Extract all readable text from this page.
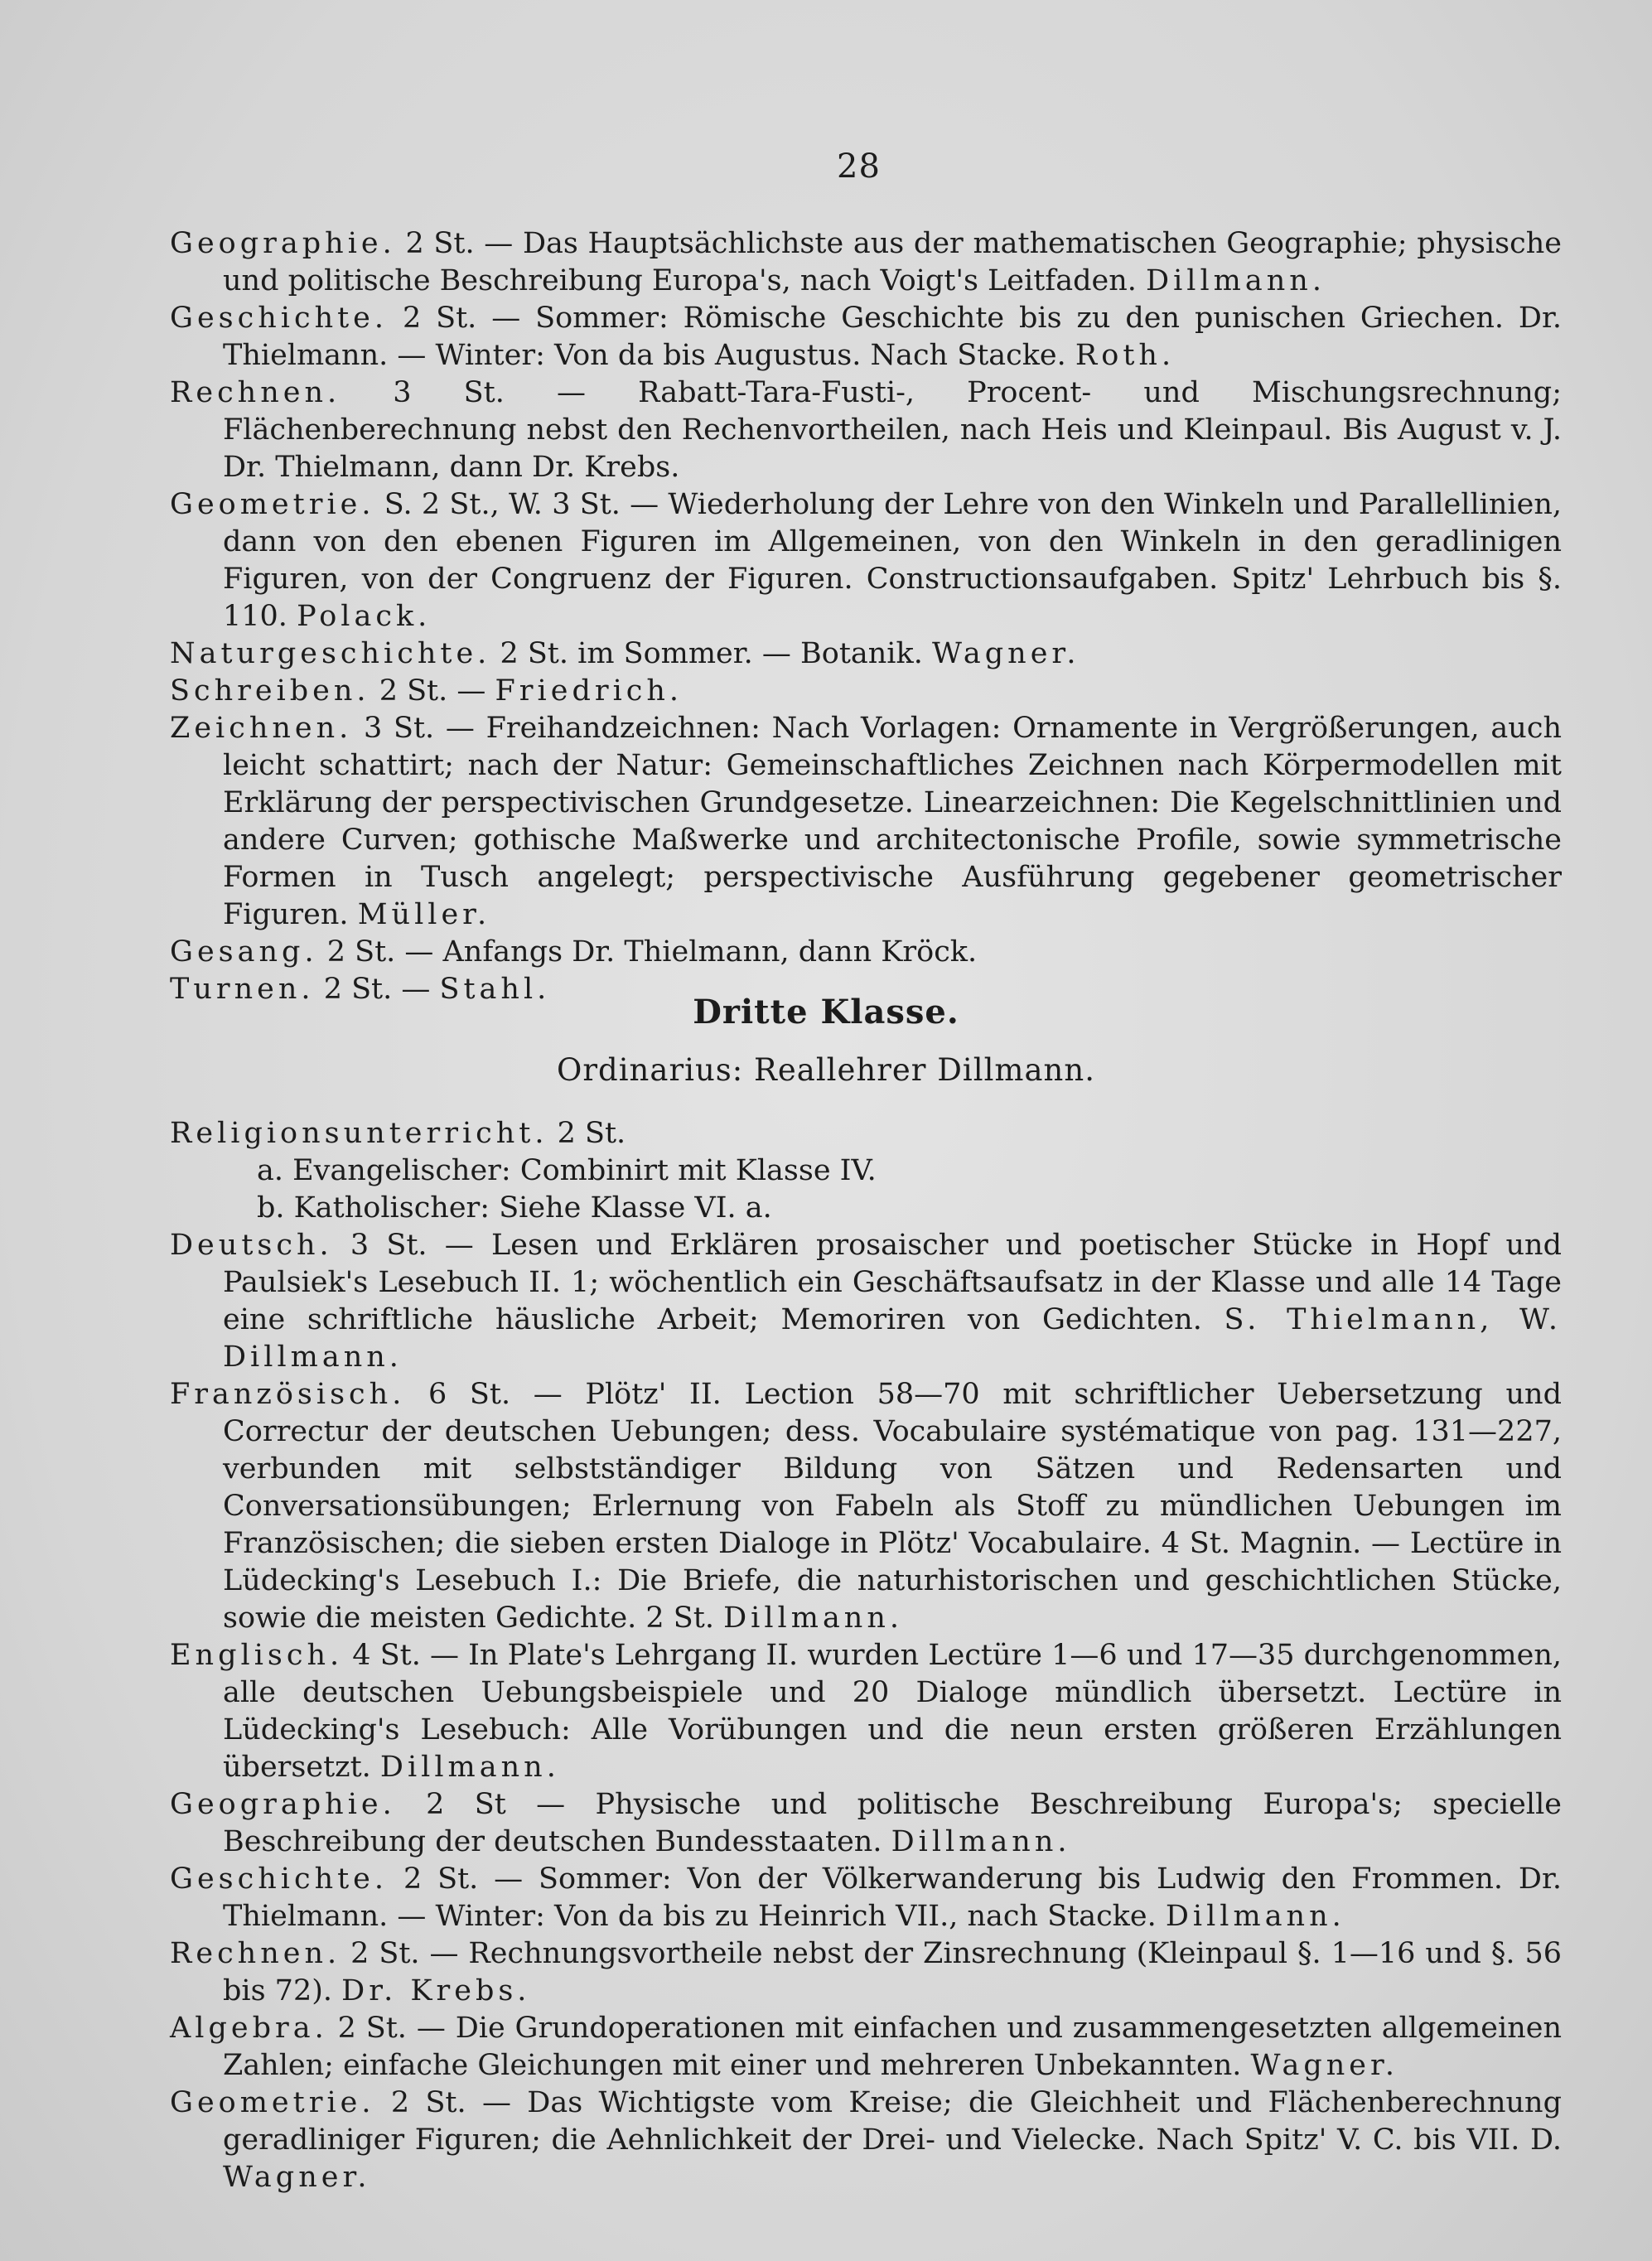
28

Geographie. 2 St. — Das Hauptsächlichste aus der mathematischen Geographie; physische und politische Beschreibung Europa's, nach Voigt's Leitfaden. Dillmann.

Geschichte. 2 St. — Sommer: Römische Geschichte bis zu den punischen Griechen. Dr. Thielmann. — Winter: Von da bis Augustus. Nach Stacke. Roth.

Rechnen. 3 St. — Rabatt-Tara-Fusti-, Procent- und Mischungsrechnung; Flächenberechnung nebst den Rechenvortheilen, nach Heis und Kleinpaul. Bis August v. J. Dr. Thielmann, dann Dr. Krebs.

Geometrie. S. 2 St., W. 3 St. — Wiederholung der Lehre von den Winkeln und Parallellinien, dann von den ebenen Figuren im Allgemeinen, von den Winkeln in den geradlinigen Figuren, von der Congruenz der Figuren. Constructionsaufgaben. Spitz' Lehrbuch bis §. 110. Polack.

Naturgeschichte. 2 St. im Sommer. — Botanik. Wagner.

Schreiben. 2 St. — Friedrich.

Zeichnen. 3 St. — Freihandzeichnen: Nach Vorlagen: Ornamente in Vergrößerungen, auch leicht schattirt; nach der Natur: Gemeinschaftliches Zeichnen nach Körpermodellen mit Erklärung der perspectivischen Grundgesetze. Linearzeichnen: Die Kegelschnittlinien und andere Curven; gothische Maßwerke und architectonische Profile, sowie symmetrische Formen in Tusch angelegt; perspectivische Ausführung gegebener geometrischer Figuren. Müller.

Gesang. 2 St. — Anfangs Dr. Thielmann, dann Kröck.

Turnen. 2 St. — Stahl.

Dritte Klasse.
Ordinarius: Reallehrer Dillmann.

Religionsunterricht. 2 St.

a. Evangelischer: Combinirt mit Klasse IV.

b. Katholischer: Siehe Klasse VI. a.

Deutsch. 3 St. — Lesen und Erklären prosaischer und poetischer Stücke in Hopf und Paulsiek's Lesebuch II. 1; wöchentlich ein Geschäftsaufsatz in der Klasse und alle 14 Tage eine schriftliche häusliche Arbeit; Memoriren von Gedichten. S. Thielmann, W. Dillmann.

Französisch. 6 St. — Plötz' II. Lection 58—70 mit schriftlicher Uebersetzung und Correctur der deutschen Uebungen; dess. Vocabulaire systématique von pag. 131—227, verbunden mit selbstständiger Bildung von Sätzen und Redensarten und Conversationsübungen; Erlernung von Fabeln als Stoff zu mündlichen Uebungen im Französischen; die sieben ersten Dialoge in Plötz' Vocabulaire. 4 St. Magnin. — Lectüre in Lüdecking's Lesebuch I.: Die Briefe, die naturhistorischen und geschichtlichen Stücke, sowie die meisten Gedichte. 2 St. Dillmann.

Englisch. 4 St. — In Plate's Lehrgang II. wurden Lectüre 1—6 und 17—35 durchgenommen, alle deutschen Uebungsbeispiele und 20 Dialoge mündlich übersetzt. Lectüre in Lüdecking's Lesebuch: Alle Vorübungen und die neun ersten größeren Erzählungen übersetzt. Dillmann.

Geographie. 2 St — Physische und politische Beschreibung Europa's; specielle Beschreibung der deutschen Bundesstaaten. Dillmann.

Geschichte. 2 St. — Sommer: Von der Völkerwanderung bis Ludwig den Frommen. Dr. Thielmann. — Winter: Von da bis zu Heinrich VII., nach Stacke. Dillmann.

Rechnen. 2 St. — Rechnungsvortheile nebst der Zinsrechnung (Kleinpaul §. 1—16 und §. 56 bis 72). Dr. Krebs.

Algebra. 2 St. — Die Grundoperationen mit einfachen und zusammengesetzten allgemeinen Zahlen; einfache Gleichungen mit einer und mehreren Unbekannten. Wagner.

Geometrie. 2 St. — Das Wichtigste vom Kreise; die Gleichheit und Flächenberechnung geradliniger Figuren; die Aehnlichkeit der Drei- und Vielecke. Nach Spitz' V. C. bis VII. D. Wagner.
